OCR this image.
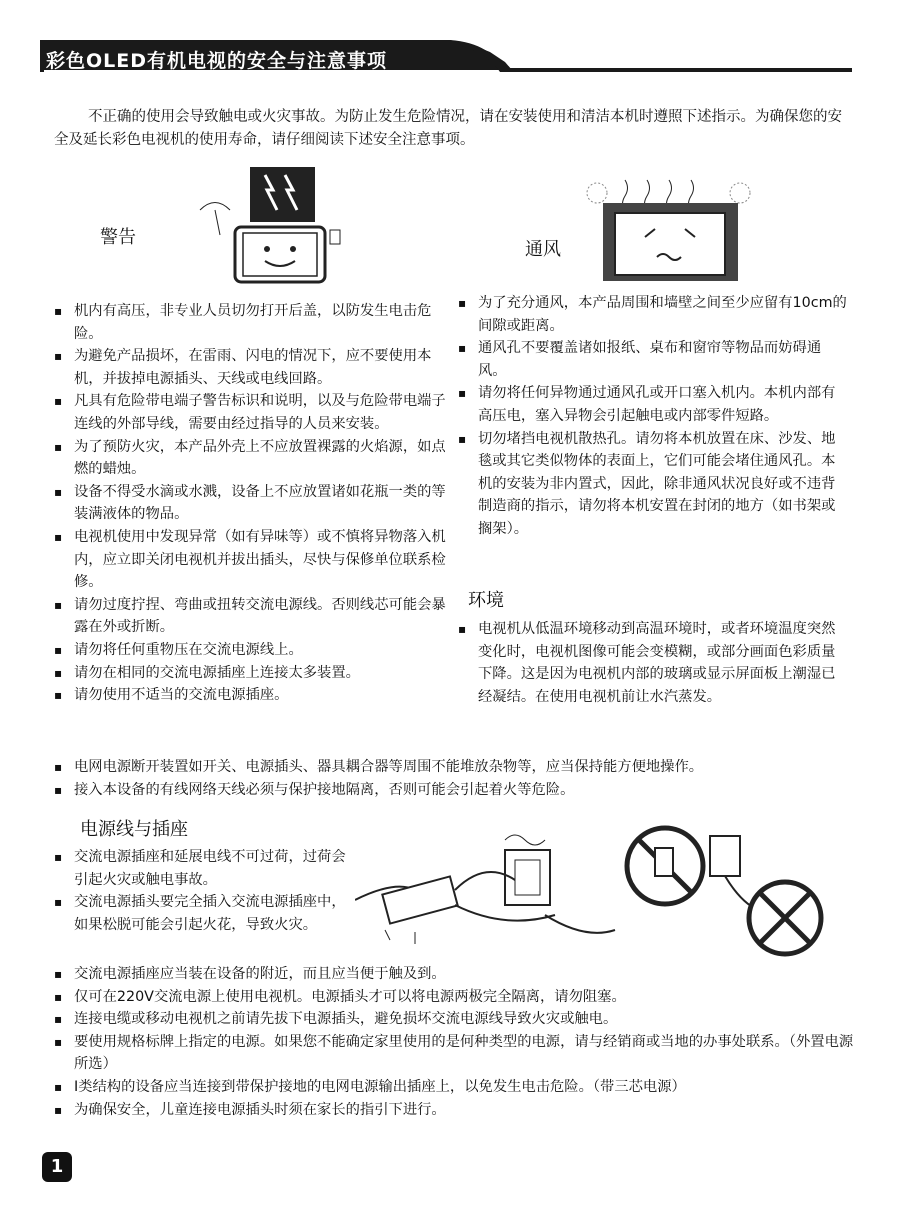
彩色OLED有机电视的安全与注意事项
不正确的使用会导致触电或火灾事故。为防止发生危险情况，请在安装使用和清洁本机时遵照下述指示。为确保您的安全及延长彩色电视机的使用寿命，请仔细阅读下述安全注意事项。
警告
通风
▪ 机内有高压，非专业人员切勿打开后盖，以防发生电击危险。
▪ 为避免产品损坏，在雷雨、闪电的情况下，应不要使用本机，并拔掉电源插头、天线或电线回路。
▪ 凡具有危险带电端子警告标识和说明，以及与危险带电端子连线的外部导线，需要由经过指导的人员来安装。
▪ 为了预防火灾，本产品外壳上不应放置裸露的火焰源，如点燃的蜡烛。
▪ 设备不得受水滴或水溅，设备上不应放置诸如花瓶一类的等装满液体的物品。
▪ 电视机使用中发现异常（如有异味等）或不慎将异物落入机内，应立即关闭电视机并拔出插头，尽快与保修单位联系检修。
▪ 请勿过度拧捏、弯曲或扭转交流电源线。否则线芯可能会暴露在外或折断。
▪ 请勿将任何重物压在交流电源线上。
▪ 请勿在相同的交流电源插座上连接太多装置。
▪ 请勿使用不适当的交流电源插座。
▪ 为了充分通风，本产品周围和墙壁之间至少应留有10cm的间隙或距离。
▪ 通风孔不要覆盖诸如报纸、桌布和窗帘等物品而妨碍通风。
▪ 请勿将任何异物通过通风孔或开口塞入机内。本机内部有高压电，塞入异物会引起触电或内部零件短路。
▪ 切勿堵挡电视机散热孔。请勿将本机放置在床、沙发、地毯或其它类似物体的表面上，它们可能会堵住通风孔。本机的安装为非内置式，因此，除非通风状况良好或不违背制造商的指示，请勿将本机安置在封闭的地方（如书架或搁架）。
环境
▪ 电视机从低温环境移动到高温环境时，或者环境温度突然变化时，电视机图像可能会变模糊，或部分画面色彩质量下降。这是因为电视机内部的玻璃或显示屏面板上潮湿已经凝结。在使用电视机前让水汽蒸发。
▪ 电网电源断开装置如开关、电源插头、器具耦合器等周围不能堆放杂物等，应当保持能方便地操作。
▪ 接入本设备的有线网络天线必须与保护接地隔离，否则可能会引起着火等危险。
电源线与插座
▪ 交流电源插座和延展电线不可过荷，过荷会引起火灾或触电事故。
▪ 交流电源插头要完全插入交流电源插座中，如果松脱可能会引起火花，导致火灾。
▪ 交流电源插座应当装在设备的附近，而且应当便于触及到。
▪ 仅可在220V交流电源上使用电视机。电源插头才可以将电源两极完全隔离，请勿阻塞。
▪ 连接电缆或移动电视机之前请先拔下电源插头，避免损坏交流电源线导致火灾或触电。
▪ 要使用规格标牌上指定的电源。如果您不能确定家里使用的是何种类型的电源，请与经销商或当地的办事处联系。（外置电源所选）
▪ Ⅰ类结构的设备应当连接到带保护接地的电网电源输出插座上，以免发生电击危险。（带三芯电源）
▪ 为确保安全，儿童连接电源插头时须在家长的指引下进行。
1
